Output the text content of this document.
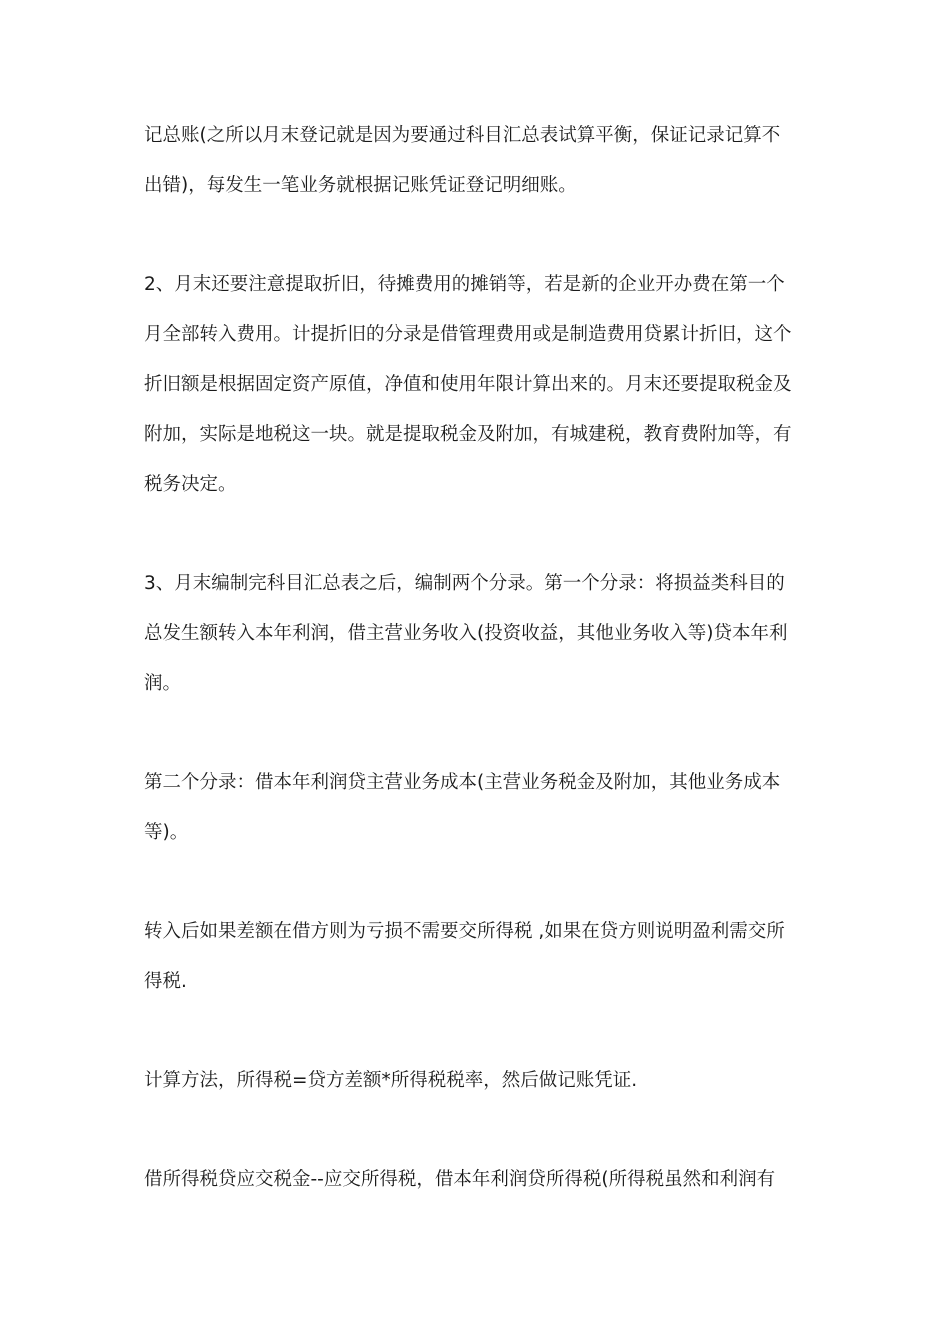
记总账(之所以月末登记就是因为要通过科目汇总表试算平衡，保证记录记算不
出错)，每发生一笔业务就根据记账凭证登记明细账。
2、月末还要注意提取折旧，待摊费用的摊销等，若是新的企业开办费在第一个
月全部转入费用。计提折旧的分录是借管理费用或是制造费用贷累计折旧，这个
折旧额是根据固定资产原值，净值和使用年限计算出来的。月末还要提取税金及
附加，实际是地税这一块。就是提取税金及附加，有城建税，教育费附加等，有
税务决定。
3、月末编制完科目汇总表之后，编制两个分录。第一个分录：将损益类科目的
总发生额转入本年利润，借主营业务收入(投资收益，其他业务收入等)贷本年利
润。
第二个分录：借本年利润贷主营业务成本(主营业务税金及附加，其他业务成本
等)。
转入后如果差额在借方则为亏损不需要交所得税 ,如果在贷方则说明盈利需交所
得税.
计算方法，所得税=贷方差额*所得税税率，然后做记账凭证.
借所得税贷应交税金--应交所得税，借本年利润贷所得税(所得税虽然和利润有
